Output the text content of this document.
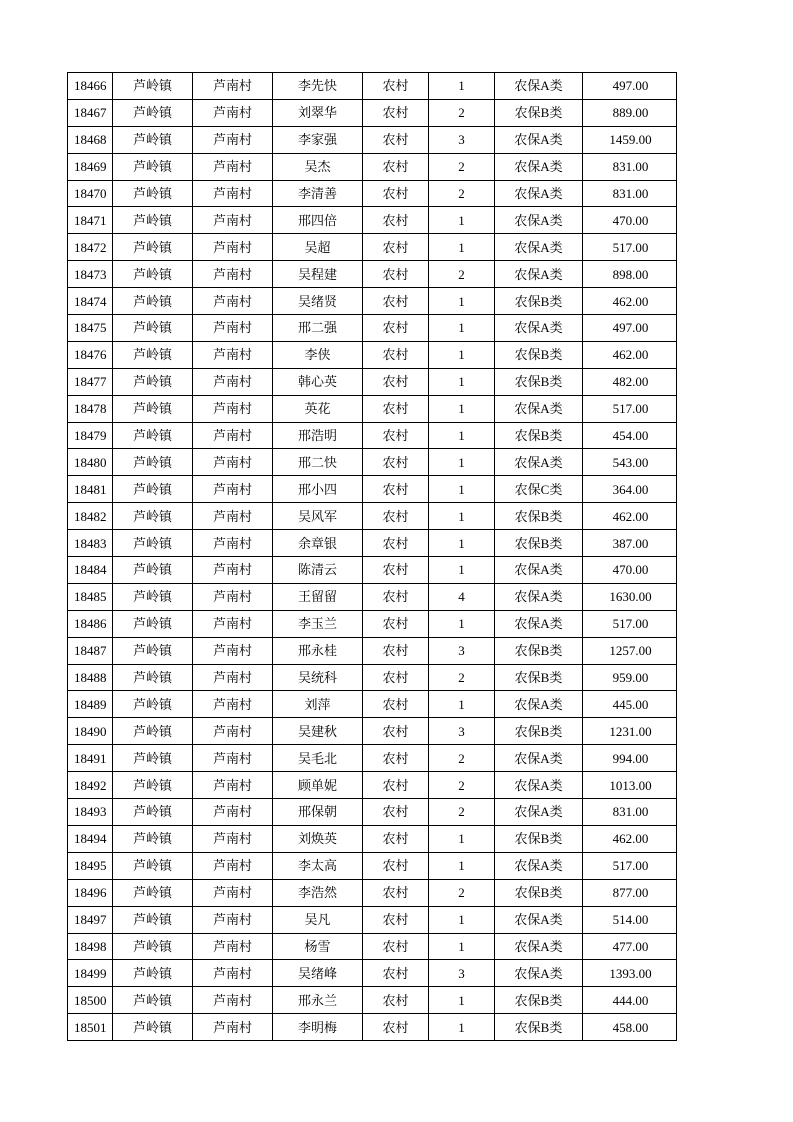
18466	芦岭镇	芦南村	李先快	农村	1	农保A类	497.00
18467	芦岭镇	芦南村	刘翠华	农村	2	农保B类	889.00
18468	芦岭镇	芦南村	李家强	农村	3	农保A类	1459.00
18469	芦岭镇	芦南村	吴杰	农村	2	农保A类	831.00
18470	芦岭镇	芦南村	李清善	农村	2	农保A类	831.00
18471	芦岭镇	芦南村	邢四倍	农村	1	农保A类	470.00
18472	芦岭镇	芦南村	吴超	农村	1	农保A类	517.00
18473	芦岭镇	芦南村	吴程建	农村	2	农保A类	898.00
18474	芦岭镇	芦南村	吴绪贤	农村	1	农保B类	462.00
18475	芦岭镇	芦南村	邢二强	农村	1	农保A类	497.00
18476	芦岭镇	芦南村	李侠	农村	1	农保B类	462.00
18477	芦岭镇	芦南村	韩心英	农村	1	农保B类	482.00
18478	芦岭镇	芦南村	英花	农村	1	农保A类	517.00
18479	芦岭镇	芦南村	邢浩明	农村	1	农保B类	454.00
18480	芦岭镇	芦南村	邢二快	农村	1	农保A类	543.00
18481	芦岭镇	芦南村	邢小四	农村	1	农保C类	364.00
18482	芦岭镇	芦南村	吴风军	农村	1	农保B类	462.00
18483	芦岭镇	芦南村	余章银	农村	1	农保B类	387.00
18484	芦岭镇	芦南村	陈清云	农村	1	农保A类	470.00
18485	芦岭镇	芦南村	王留留	农村	4	农保A类	1630.00
18486	芦岭镇	芦南村	李玉兰	农村	1	农保A类	517.00
18487	芦岭镇	芦南村	邢永桂	农村	3	农保B类	1257.00
18488	芦岭镇	芦南村	吴统科	农村	2	农保B类	959.00
18489	芦岭镇	芦南村	刘萍	农村	1	农保A类	445.00
18490	芦岭镇	芦南村	吴建秋	农村	3	农保B类	1231.00
18491	芦岭镇	芦南村	吴毛北	农村	2	农保A类	994.00
18492	芦岭镇	芦南村	顾单妮	农村	2	农保A类	1013.00
18493	芦岭镇	芦南村	邢保朝	农村	2	农保A类	831.00
18494	芦岭镇	芦南村	刘焕英	农村	1	农保B类	462.00
18495	芦岭镇	芦南村	李太高	农村	1	农保A类	517.00
18496	芦岭镇	芦南村	李浩然	农村	2	农保B类	877.00
18497	芦岭镇	芦南村	吴凡	农村	1	农保A类	514.00
18498	芦岭镇	芦南村	杨雪	农村	1	农保A类	477.00
18499	芦岭镇	芦南村	吴绪峰	农村	3	农保A类	1393.00
18500	芦岭镇	芦南村	邢永兰	农村	1	农保B类	444.00
18501	芦岭镇	芦南村	李明梅	农村	1	农保B类	458.00
